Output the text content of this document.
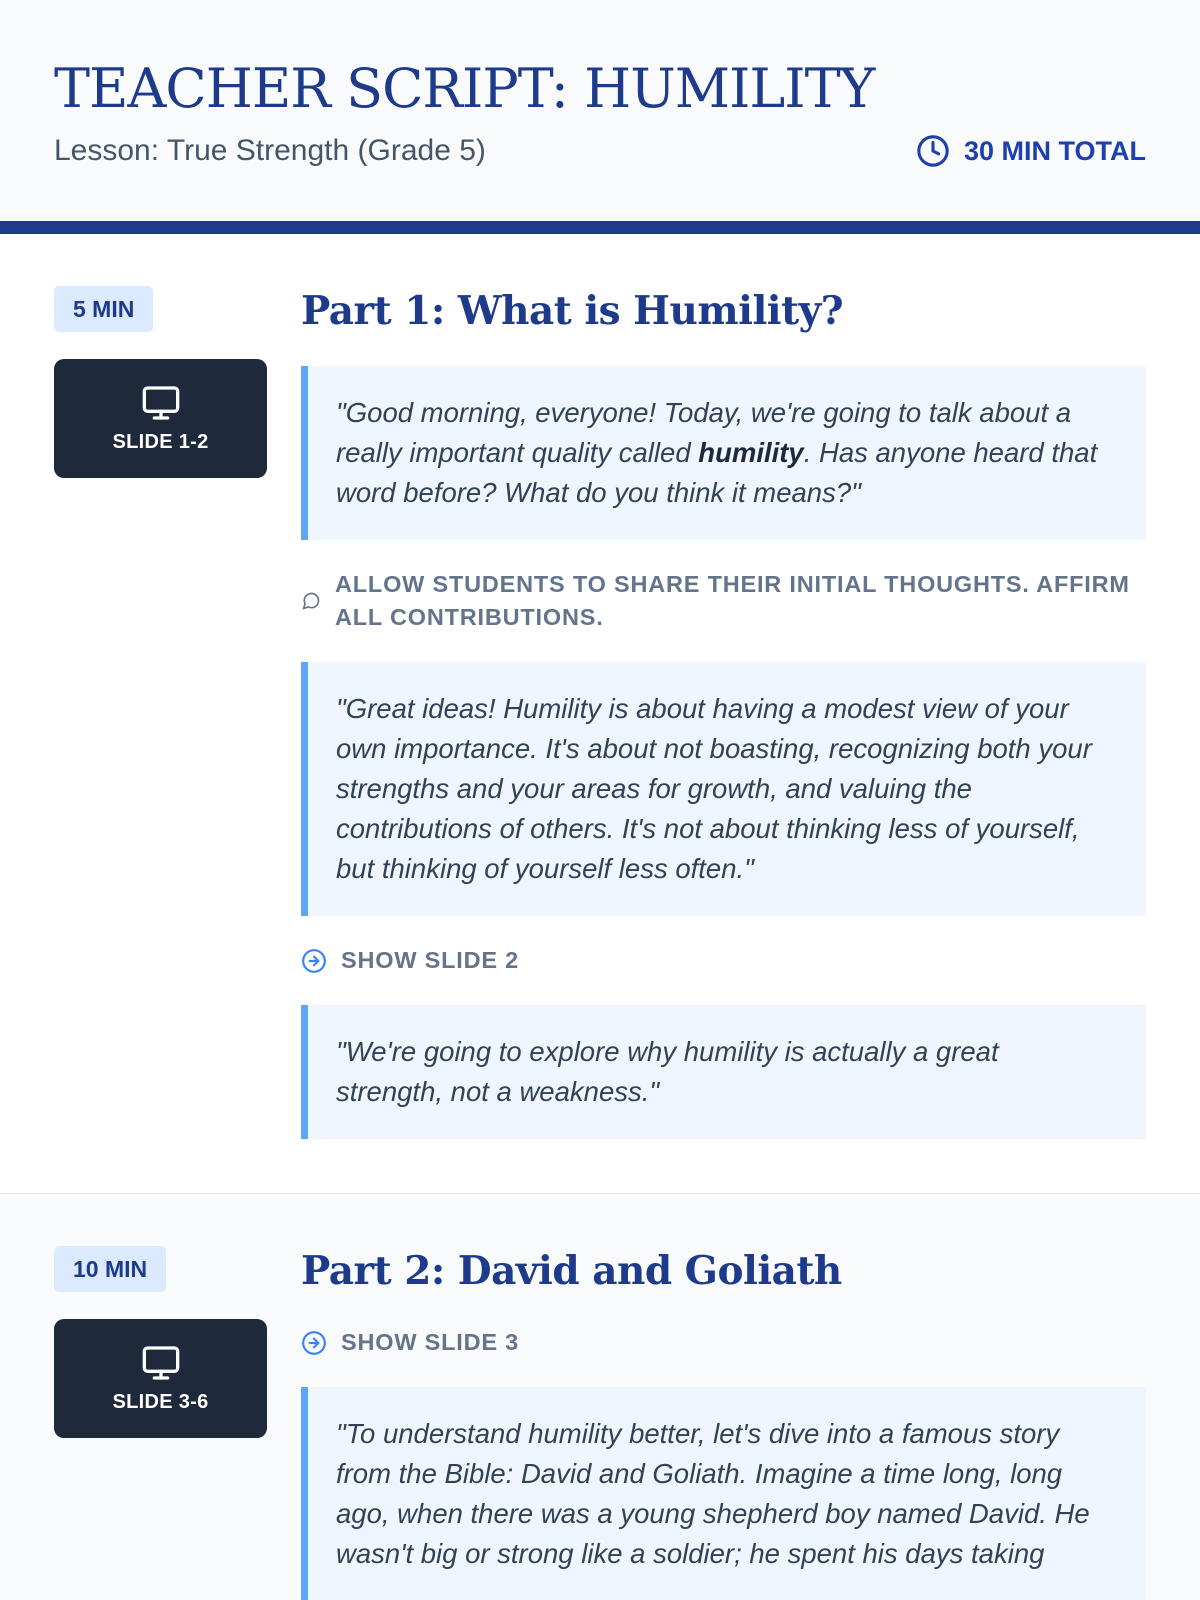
TEACHER SCRIPT: HUMILITY
Lesson: True Strength (Grade 5)	30 MIN TOTAL
5 MIN
SLIDE 1-2
Part 1: What is Humility?
"Good morning, everyone! Today, we're going to talk about a really important quality called humility. Has anyone heard that word before? What do you think it means?"
ALLOW STUDENTS TO SHARE THEIR INITIAL THOUGHTS. AFFIRM ALL CONTRIBUTIONS.
"Great ideas! Humility is about having a modest view of your own importance. It's about not boasting, recognizing both your strengths and your areas for growth, and valuing the contributions of others. It's not about thinking less of yourself, but thinking of yourself less often."
SHOW SLIDE 2
"We're going to explore why humility is actually a great strength, not a weakness."
10 MIN
SLIDE 3-6
Part 2: David and Goliath
SHOW SLIDE 3
"To understand humility better, let's dive into a famous story from the Bible: David and Goliath. Imagine a time long, long ago, when there was a young shepherd boy named David. He wasn't big or strong like a soldier; he spent his days taking
